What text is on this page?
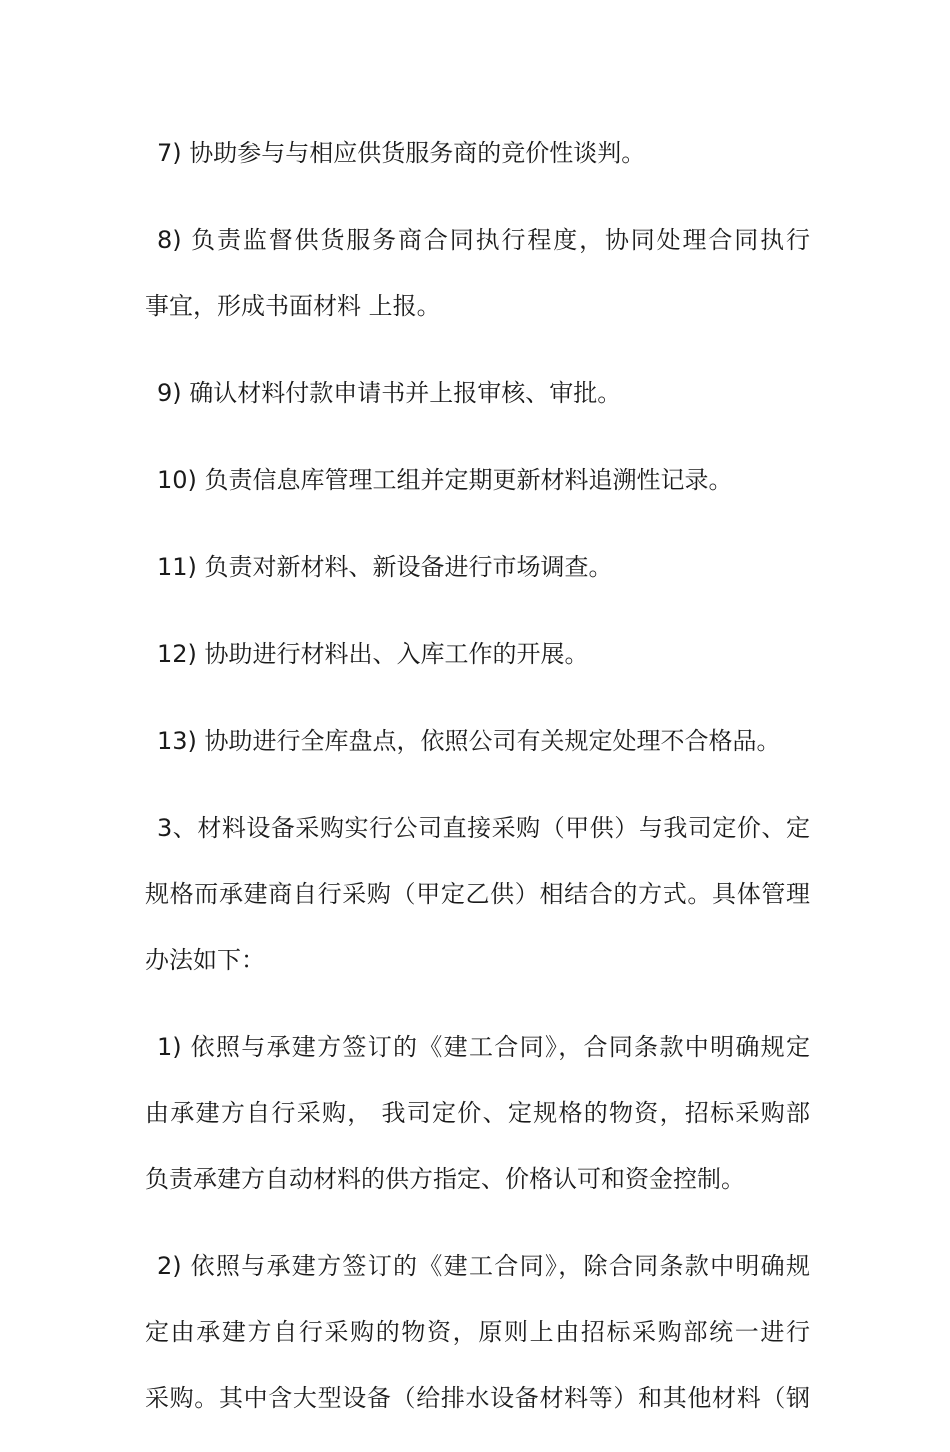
7) 协助参与与相应供货服务商的竞价性谈判。

8) 负责监督供货服务商合同执行程度，协同处理合同执行
事宜，形成书面材料 上报。

9) 确认材料付款申请书并上报审核、审批。

10) 负责信息库管理工组并定期更新材料追溯性记录。

11) 负责对新材料、新设备进行市场调查。

12) 协助进行材料出、入库工作的开展。

13) 协助进行全库盘点，依照公司有关规定处理不合格品。

3、材料设备采购实行公司直接采购（甲供）与我司定价、定
规格而承建商自行采购（甲定乙供）相结合的方式。具体管理
办法如下：

1) 依照与承建方签订的《建工合同》，合同条款中明确规定
由承建方自行采购， 我司定价、定规格的物资，招标采购部
负责承建方自动材料的供方指定、价格认可和资金控制。

2) 依照与承建方签订的《建工合同》，除合同条款中明确规
定由承建方自行采购的物资，原则上由招标采购部统一进行
采购。其中含大型设备（给排水设备材料等）和其他材料（钢
